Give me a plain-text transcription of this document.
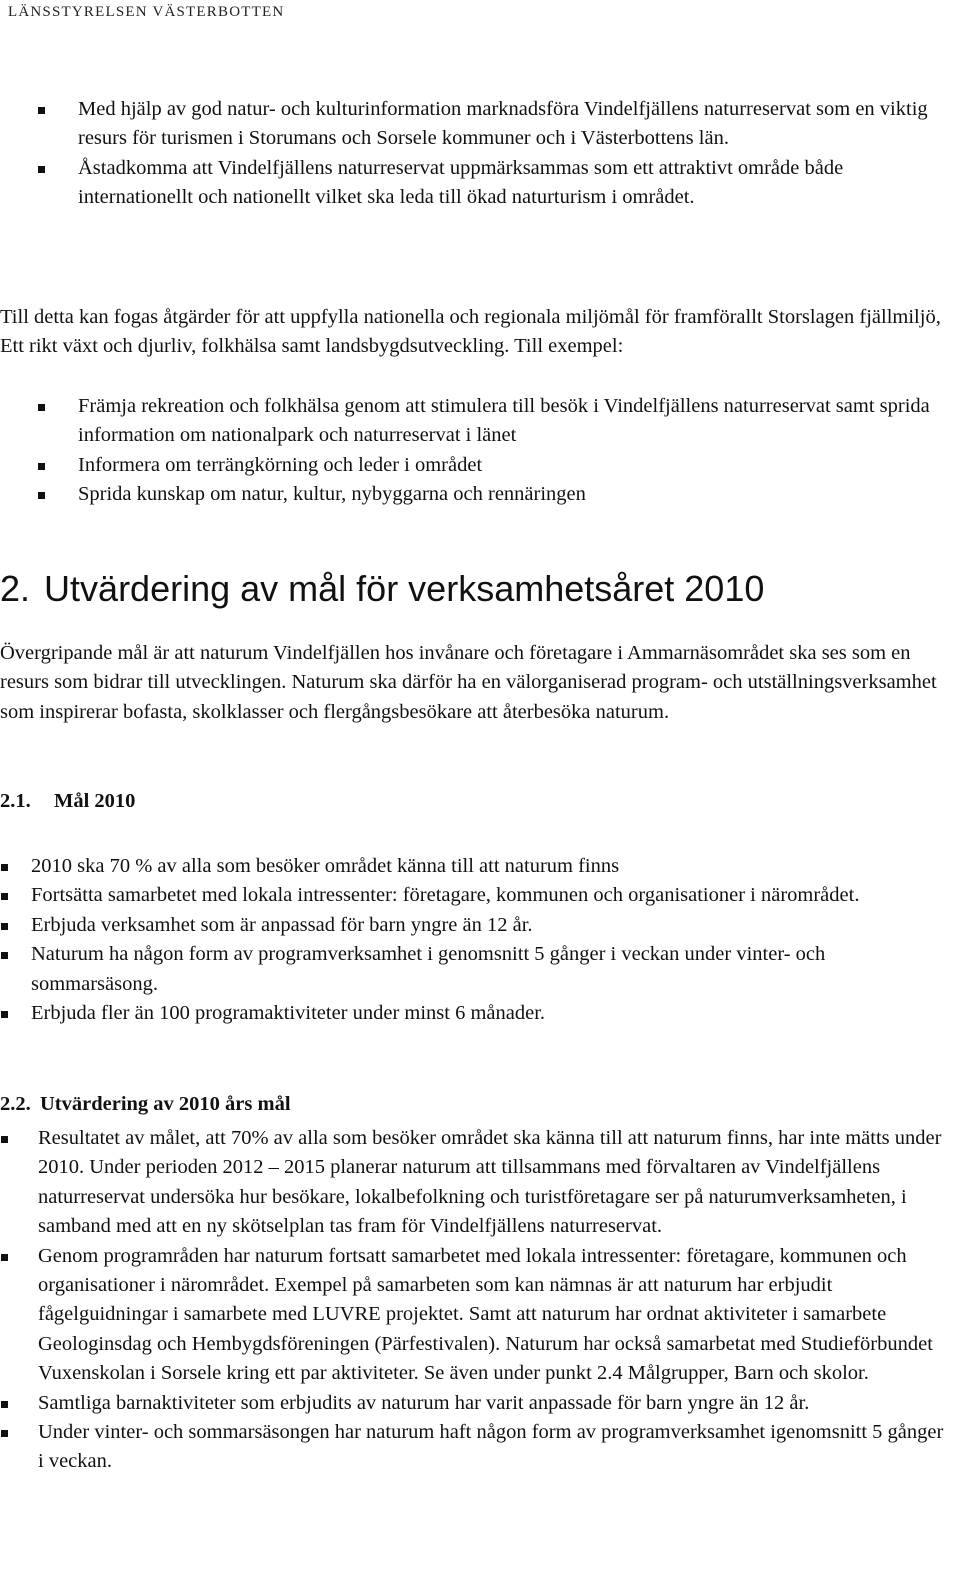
LÄNSSTYRELSEN VÄSTERBOTTEN
Med hjälp av god natur- och kulturinformation marknadsföra Vindelfjällens naturreservat som en viktig resurs för turismen i Storumans och Sorsele kommuner och i Västerbottens län.
Åstadkomma att Vindelfjällens naturreservat uppmärksammas som ett attraktivt område både internationellt och nationellt vilket ska leda till ökad naturturism i området.

Till detta kan fogas åtgärder för att uppfylla nationella och regionala miljömål för framförallt Storslagen fjällmiljö, Ett rikt växt och djurliv, folkhälsa samt landsbygdsutveckling. Till exempel:

Främja rekreation och folkhälsa genom att stimulera till besök i Vindelfjällens naturreservat samt sprida information om nationalpark och naturreservat i länet
Informera om terrängkörning och leder i området
Sprida kunskap om natur, kultur, nybyggarna och rennäringen
2. Utvärdering av mål för verksamhetsåret 2010

Övergripande mål är att naturum Vindelfjällen hos invånare och företagare i Ammarnäsområdet ska ses som en resurs som bidrar till utvecklingen. Naturum ska därför ha en välorganiserad program- och utställningsverksamhet som inspirerar bofasta, skolklasser och flergångsbesökare att återbesöka naturum.

2.1. Mål 2010
2010 ska 70 % av alla som besöker området känna till att naturum finns
Fortsätta samarbetet med lokala intressenter: företagare, kommunen och organisationer i närområdet.
Erbjuda verksamhet som är anpassad för barn yngre än 12 år.
Naturum ha någon form av programverksamhet i genomsnitt 5 gånger i veckan under vinter- och sommarsäsong.
Erbjuda fler än 100 programaktiviteter under minst 6 månader.
2.2. Utvärdering av 2010 års mål
Resultatet av målet, att 70% av alla som besöker området ska känna till att naturum finns, har inte mätts under 2010. Under perioden 2012 – 2015 planerar naturum att tillsammans med förvaltaren av Vindelfjällens naturreservat undersöka hur besökare, lokalbefolkning och turistföretagare ser på naturumverksamheten, i samband med att en ny skötselplan tas fram för Vindelfjällens naturreservat.
Genom programråden har naturum fortsatt samarbetet med lokala intressenter: företagare, kommunen och organisationer i närområdet. Exempel på samarbeten som kan nämnas är att naturum har erbjudit fågelguidningar i samarbete med LUVRE projektet. Samt att naturum har ordnat aktiviteter i samarbete Geologinsdag och Hembygdsföreningen (Pärfestivalen). Naturum har också samarbetat med Studieförbundet Vuxenskolan i Sorsele kring ett par aktiviteter. Se även under punkt 2.4 Målgrupper, Barn och skolor.
Samtliga barnaktiviteter som erbjudits av naturum har varit anpassade för barn yngre än 12 år.
Under vinter- och sommarsäsongen har naturum haft någon form av programverksamhet igenomsnitt 5 gånger i veckan.
